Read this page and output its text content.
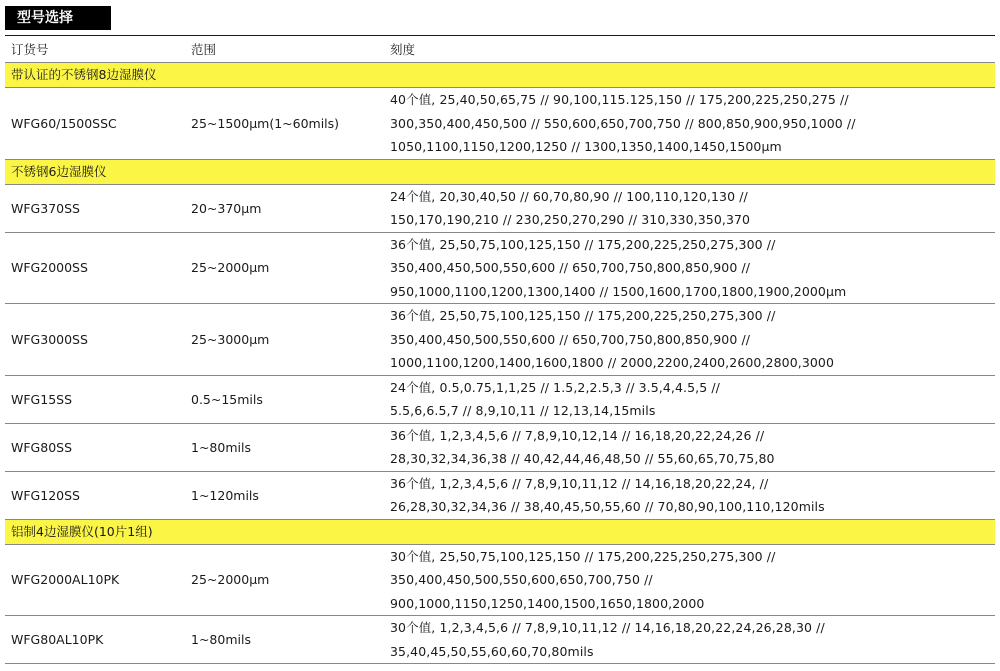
型号选择
订货号	范围	刻度
带认证的不锈钢8边湿膜仪		
WFG60/1500SSC	25~1500µm(1~60mils)	40个值, 25,40,50,65,75 // 90,100,115.125,150 // 175,200,225,250,275 //
300,350,400,450,500 // 550,600,650,700,750 // 800,850,900,950,1000 //
1050,1100,1150,1200,1250 // 1300,1350,1400,1450,1500µm

不锈钢6边湿膜仪		
WFG370SS	20~370µm	24个值, 20,30,40,50 // 60,70,80,90 // 100,110,120,130 //
150,170,190,210 // 230,250,270,290 // 310,330,350,370

WFG2000SS	25~2000µm	36个值, 25,50,75,100,125,150 // 175,200,225,250,275,300 //
350,400,450,500,550,600 // 650,700,750,800,850,900 //
950,1000,1100,1200,1300,1400 // 1500,1600,1700,1800,1900,2000µm

WFG3000SS	25~3000µm	36个值, 25,50,75,100,125,150 // 175,200,225,250,275,300 //
350,400,450,500,550,600 // 650,700,750,800,850,900 //
1000,1100,1200,1400,1600,1800 // 2000,2200,2400,2600,2800,3000

WFG15SS	0.5~15mils	24个值, 0.5,0.75,1,1,25 // 1.5,2,2.5,3 // 3.5,4,4.5,5 //
5.5,6,6.5,7 // 8,9,10,11 // 12,13,14,15mils

WFG80SS	1~80mils	36个值, 1,2,3,4,5,6 // 7,8,9,10,12,14 // 16,18,20,22,24,26 //
28,30,32,34,36,38 // 40,42,44,46,48,50 // 55,60,65,70,75,80

WFG120SS	1~120mils	36个值, 1,2,3,4,5,6 // 7,8,9,10,11,12 // 14,16,18,20,22,24, //
26,28,30,32,34,36 // 38,40,45,50,55,60 // 70,80,90,100,110,120mils

铝制4边湿膜仪(10片1组)		
WFG2000AL10PK	25~2000µm	30个值, 25,50,75,100,125,150 // 175,200,225,250,275,300 //
350,400,450,500,550,600,650,700,750 //
900,1000,1150,1250,1400,1500,1650,1800,2000

WFG80AL10PK	1~80mils	30个值, 1,2,3,4,5,6 // 7,8,9,10,11,12 // 14,16,18,20,22,24,26,28,30 //
35,40,45,50,55,60,60,70,80mils
